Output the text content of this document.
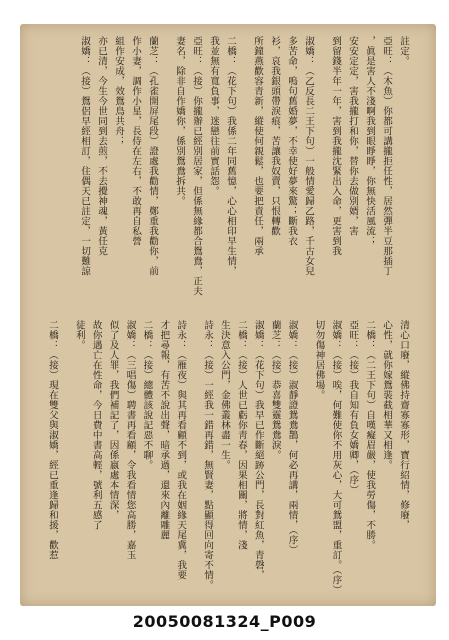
註定。
亞旺：（木魚）你都可講攏拒任性，居然彈半豆那插丁
，眞是害人不淺啊我到眼睜睜，你無快活風流；
安安定定，害我攏打和你，替你去做別婿，害
到留錢半年一年，害到我攏沈緊出入命，更害到我
淑嬌：（乙反長二王下句）一般情愛歸乙路，千古女兒
多苦命，嗚句舊婚夢，不幸使好夢來驚；斷我衣
衫，哀我銀頭帶淚痕，苦讓我奴賣，只恨轉歡
所鐘燕歡容青新，縱使何親鬆，也要把責任，兩承
二橋：（花下句）我係二年同舊憶，心心相印早生情，
我並無有寬負事，迷戀往前實話怨。
亞旺：（接）你攏辦已經別居家，但係無緣都合鴛鴦，正夫
妻名，除非自作嬌你，係別鴛鴦拆共。
蘭芝：（孔雀開屏尾段）證處我勸情，鄭重我勸你，前
作小妻，調作小星，長侍在左右，不敢再自私營
組作安成，效鴛鳥共舟；
亦已清，今生今世同到去煎，不去攪神魂，黃任克
淑嬌：（接）鴛侶早經相訂，住偶天已註定，一切難諒
清心口廢，縱佛持齋寡寡形，寶行紹情，修廢，
心性，就你嫁鴛裝截相華又相逢。
二橋：（二王下句）自嘆癡眉嚴，使我勞傷，不勝。
亞旺：（接）我自知有負女嬌卿，（序）
淑嬌：（接）唉，何難使你不用灰心，大可鴛盟，重訂。（序）
切勿傷神居佛場。
淑嬌：（接）淑靜證鴛鴦鵲，何必再講，兩情，（序）
蘭芝：（接）恭喜雙靈鴛鴦淚。
淑嬌：（花下句）我早已作斷絕跡公門，長對紅魚，青磬，
二橋：（接）人世已虧你靑春，因果相關，將情，淺
生決意入公門，金佛叢林盡一生。
詩永：（接）一經我一錯再錯，無賢妻，點顯得回向寄不情。
詩永：（雁夜）與其再看顧不到，或我在姻緣天尾冀，我要
才把尋報，有苦不說出聲，暗承過，還來內離雕麗
二橋：（接）總體該說記惡不聊。
淑嬌：（三唱傷）聘書再看顧，令我看情您高勝，嘉玉
似了及人罪，我們補記了，因係嬴處本情深，
故你遇亡在性命，今日費中書高輕，號利五感了
徒利。
二橋：（接）現在雙父與淑嬌，經已重逢歸和援，歡惹
20050081324_P009
